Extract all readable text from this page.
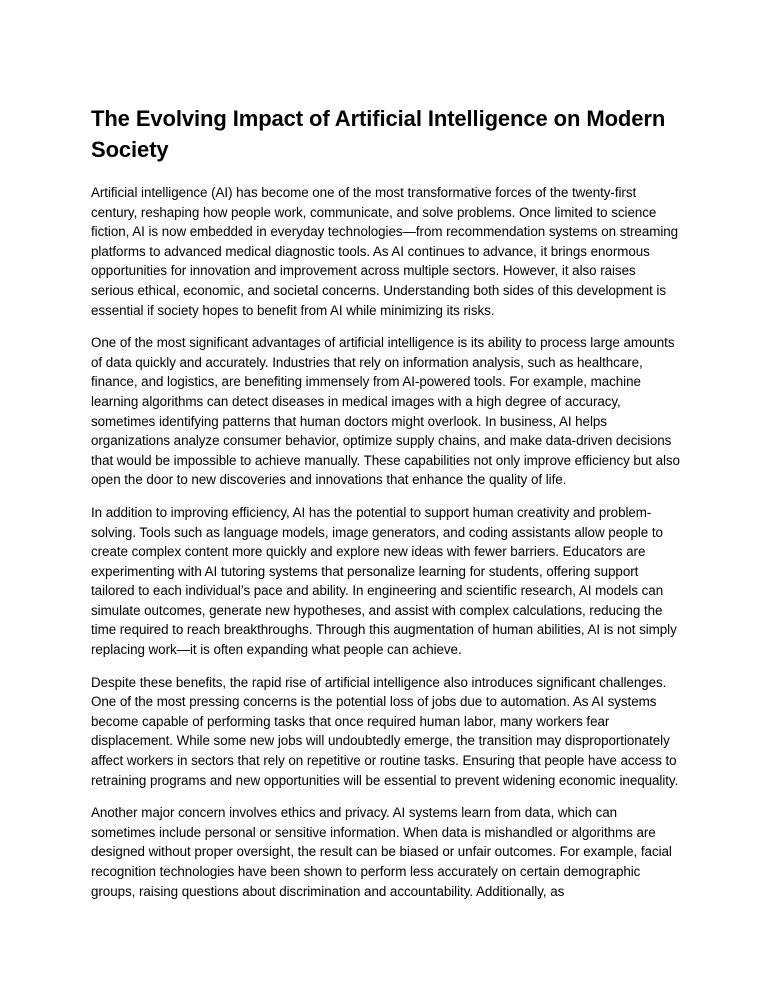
The Evolving Impact of Artificial Intelligence on Modern Society

Artificial intelligence (AI) has become one of the most transformative forces of the twenty-first century, reshaping how people work, communicate, and solve problems. Once limited to science fiction, AI is now embedded in everyday technologies—from recommendation systems on streaming platforms to advanced medical diagnostic tools. As AI continues to advance, it brings enormous opportunities for innovation and improvement across multiple sectors. However, it also raises serious ethical, economic, and societal concerns. Understanding both sides of this development is essential if society hopes to benefit from AI while minimizing its risks.

One of the most significant advantages of artificial intelligence is its ability to process large amounts of data quickly and accurately. Industries that rely on information analysis, such as healthcare, finance, and logistics, are benefiting immensely from AI-powered tools. For example, machine learning algorithms can detect diseases in medical images with a high degree of accuracy, sometimes identifying patterns that human doctors might overlook. In business, AI helps organizations analyze consumer behavior, optimize supply chains, and make data-driven decisions that would be impossible to achieve manually. These capabilities not only improve efficiency but also open the door to new discoveries and innovations that enhance the quality of life.

In addition to improving efficiency, AI has the potential to support human creativity and problem-solving. Tools such as language models, image generators, and coding assistants allow people to create complex content more quickly and explore new ideas with fewer barriers. Educators are experimenting with AI tutoring systems that personalize learning for students, offering support tailored to each individual’s pace and ability. In engineering and scientific research, AI models can simulate outcomes, generate new hypotheses, and assist with complex calculations, reducing the time required to reach breakthroughs. Through this augmentation of human abilities, AI is not simply replacing work—it is often expanding what people can achieve.

Despite these benefits, the rapid rise of artificial intelligence also introduces significant challenges. One of the most pressing concerns is the potential loss of jobs due to automation. As AI systems become capable of performing tasks that once required human labor, many workers fear displacement. While some new jobs will undoubtedly emerge, the transition may disproportionately affect workers in sectors that rely on repetitive or routine tasks. Ensuring that people have access to retraining programs and new opportunities will be essential to prevent widening economic inequality.

Another major concern involves ethics and privacy. AI systems learn from data, which can sometimes include personal or sensitive information. When data is mishandled or algorithms are designed without proper oversight, the result can be biased or unfair outcomes. For example, facial recognition technologies have been shown to perform less accurately on certain demographic groups, raising questions about discrimination and accountability. Additionally, as
